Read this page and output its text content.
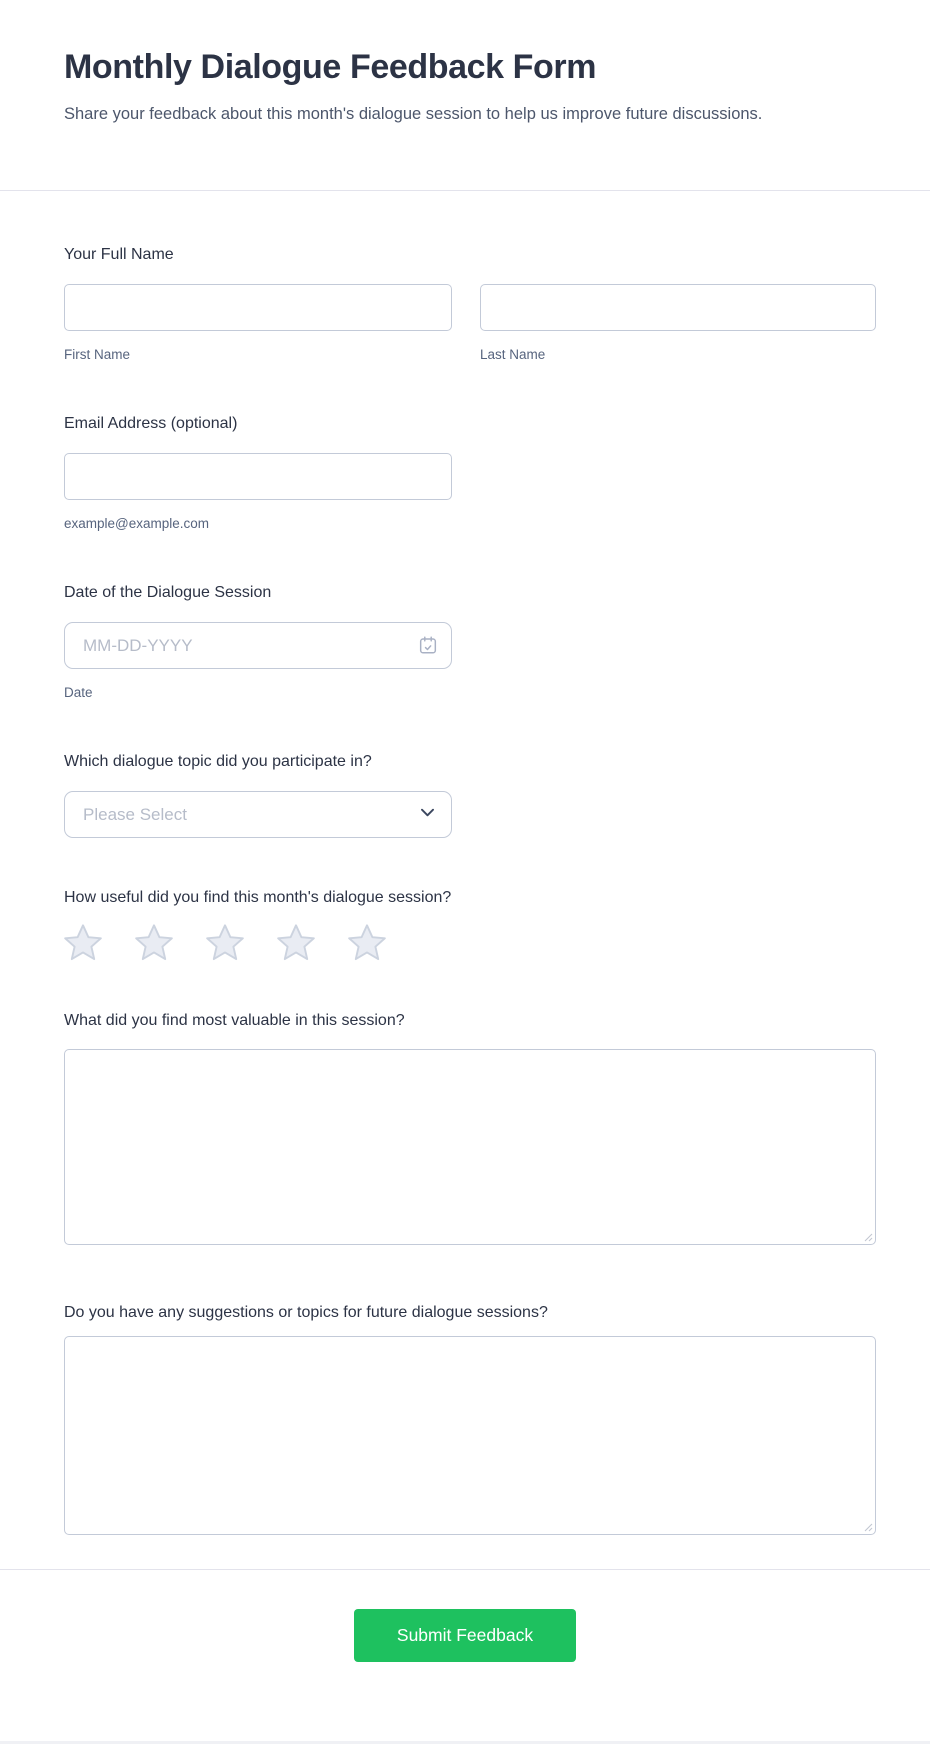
Monthly Dialogue Feedback Form

Share your feedback about this month's dialogue session to help us improve future discussions.

Your Full Name
First Name	Last Name
Email Address (optional)
example@example.com
Date of the Dialogue Session
MM-DD-YYYY
Date
Which dialogue topic did you participate in?
Please Select
How useful did you find this month's dialogue session?
What did you find most valuable in this session?
Do you have any suggestions or topics for future dialogue sessions?
Submit Feedback
